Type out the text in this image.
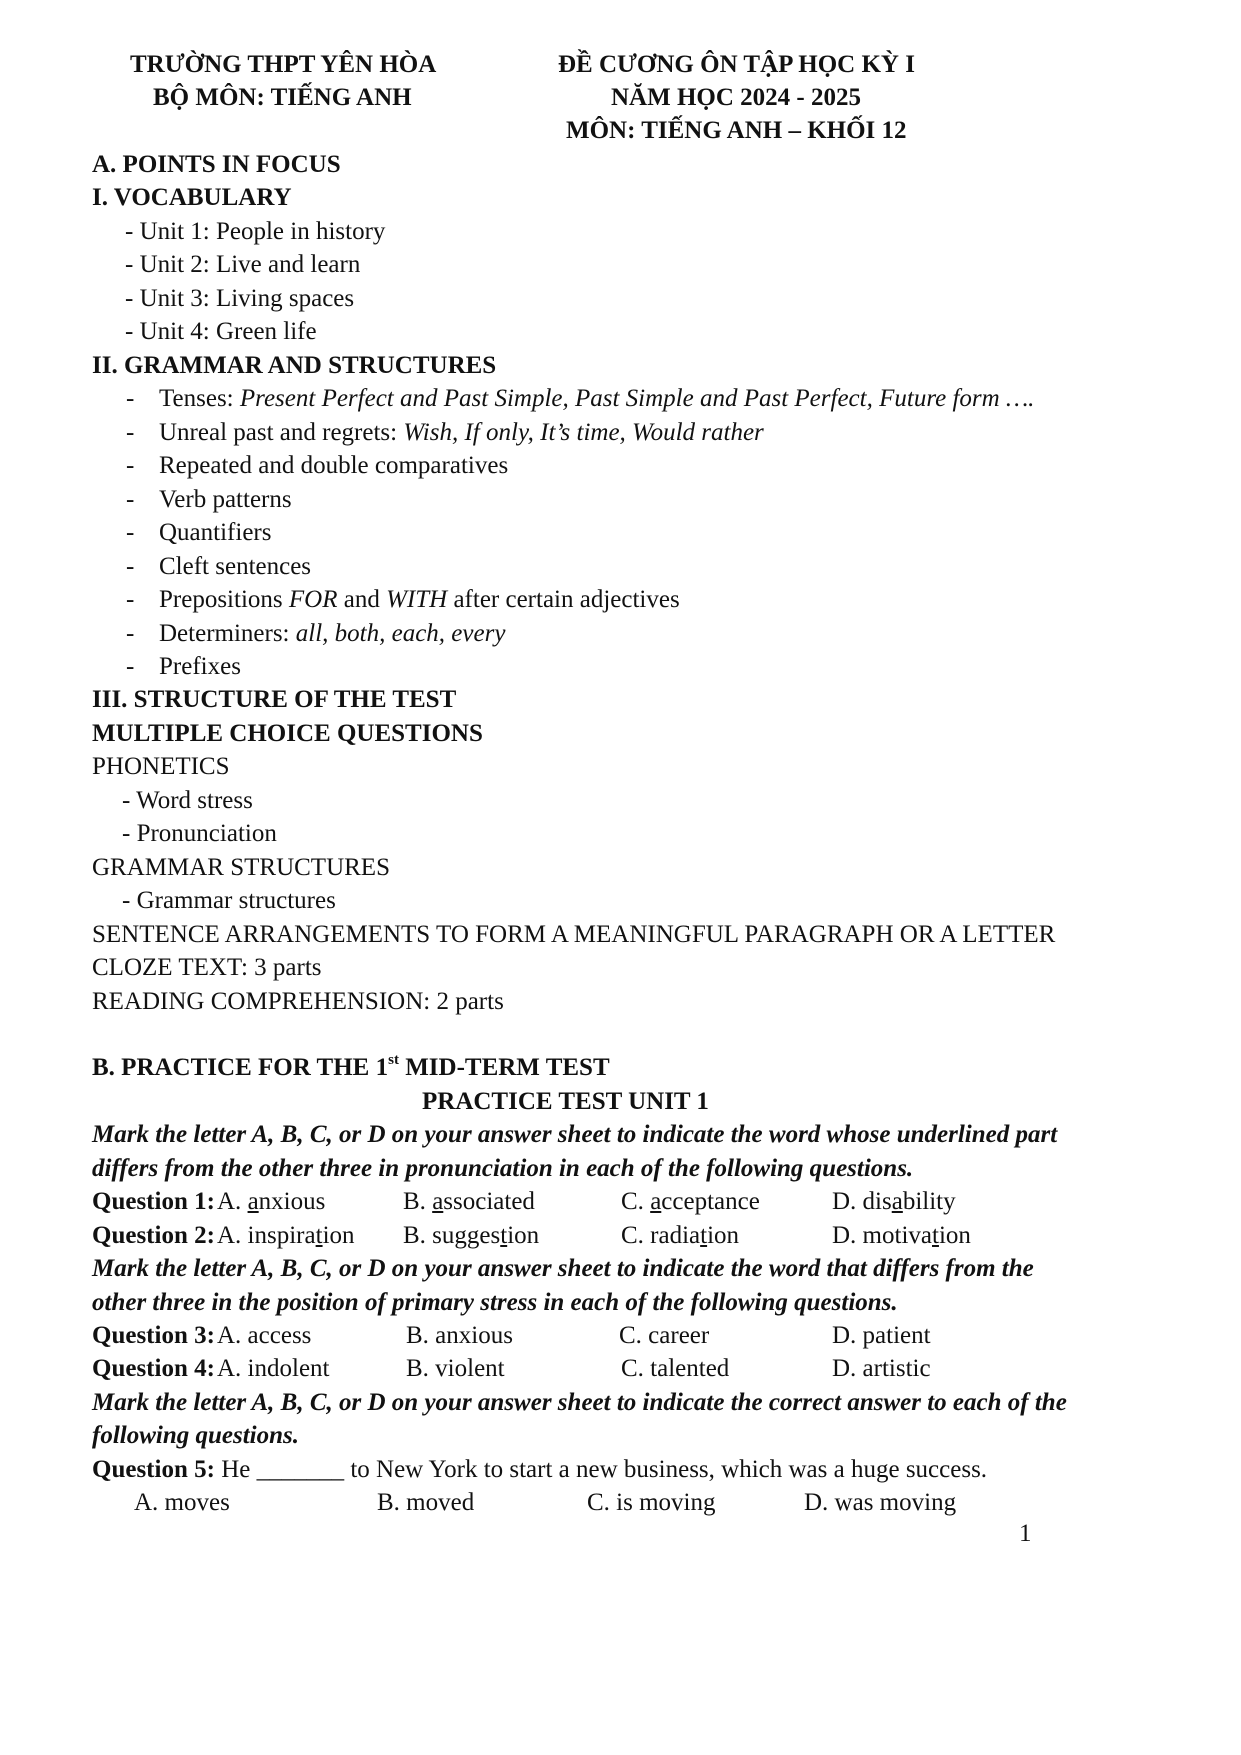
TRƯỜNG THPT YÊN HÒA
BỘ MÔN: TIẾNG ANH
ĐỀ CƯƠNG ÔN TẬP HỌC KỲ I
NĂM HỌC 2024 - 2025
MÔN: TIẾNG ANH – KHỐI 12
A. POINTS IN FOCUS
I. VOCABULARY
- Unit 1: People in history
- Unit 2: Live and learn
- Unit 3: Living spaces
- Unit 4: Green life
II. GRAMMAR AND STRUCTURES
- Tenses: Present Perfect and Past Simple, Past Simple and Past Perfect, Future form ….
- Unreal past and regrets: Wish, If only, It’s time, Would rather
- Repeated and double comparatives
- Verb patterns
- Quantifiers
- Cleft sentences
- Prepositions FOR and WITH after certain adjectives
- Determiners: all, both, each, every
- Prefixes
III. STRUCTURE OF THE TEST
MULTIPLE CHOICE QUESTIONS
PHONETICS
- Word stress
- Pronunciation
GRAMMAR STRUCTURES
- Grammar structures
SENTENCE ARRANGEMENTS TO FORM A MEANINGFUL PARAGRAPH OR A LETTER
CLOZE TEXT: 3 parts
READING COMPREHENSION: 2 parts
B. PRACTICE FOR THE 1st MID-TERM TEST
PRACTICE TEST UNIT 1
Mark the letter A, B, C, or D on your answer sheet to indicate the word whose underlined part
differs from the other three in pronunciation in each of the following questions.
Question 1: A. anxious	B. associated	C. acceptance	D. disability
Question 2: A. inspiration B. suggestion	C. radiation	D. motivation
Mark the letter A, B, C, or D on your answer sheet to indicate the word that differs from the
other three in the position of primary stress in each of the following questions.
Question 3: A. access	B. anxious	C. career	D. patient
Question 4: A. indolent	B. violent	C. talented	D. artistic
Mark the letter A, B, C, or D on your answer sheet to indicate the correct answer to each of the
following questions.
Question 5: He _______ to New York to start a new business, which was a huge success.
A. moves	B. moved	C. is moving	D. was moving
1
